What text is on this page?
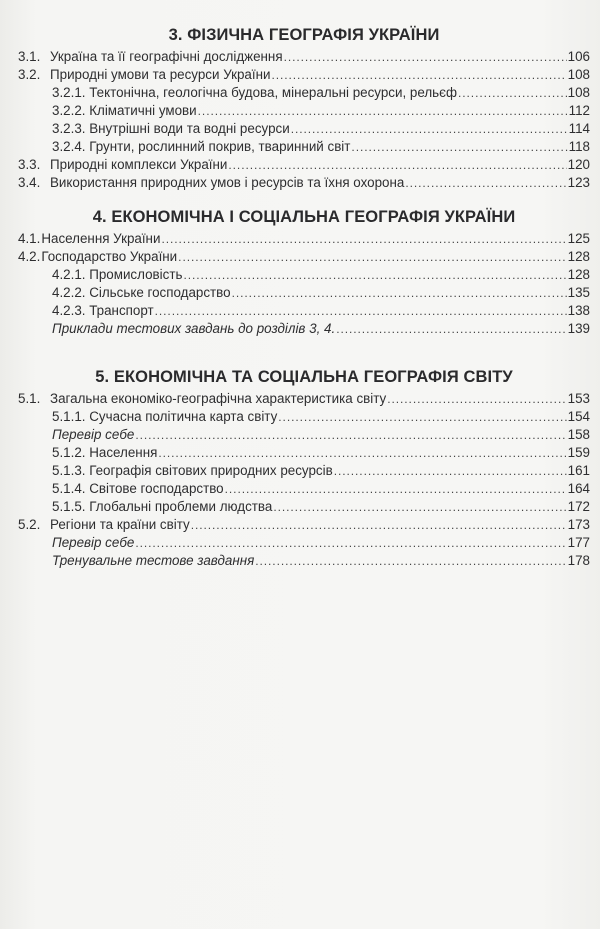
3. ФІЗИЧНА ГЕОГРАФІЯ УКРАЇНИ
3.1. Україна та її географічні дослідження . . .	106
3.2. Природні умови та ресурси України . . .	108
3.2.1. Тектонічна, геологічна будова, мінеральні ресурси, рельєф . . .	108
3.2.2. Кліматичні умови . . .	112
3.2.3. Внутрішні води та водні ресурси . . .	114
3.2.4. Грунти, рослинний покрив, тваринний світ . . .	118
3.3. Природні комплекси України . . .	120
3.4. Використання природних умов і ресурсів та їхня охорона . . .	123
4. ЕКОНОМІЧНА І СОЦІАЛЬНА ГЕОГРАФІЯ УКРАЇНИ
4.1. Населення України . . .	125
4.2. Господарство України . . .	128
4.2.1. Промисловість . . .	128
4.2.2. Сільське господарство . . .	135
4.2.3. Транспорт . . .	138
Приклади тестових завдань до розділів 3, 4. . . .	139
5. ЕКОНОМІЧНА ТА СОЦІАЛЬНА ГЕОГРАФІЯ СВІТУ
5.1. Загальна економіко-географічна характеристика світу . . .	153
5.1.1. Сучасна політична карта світу . . .	154
Перевір себе . . .	158
5.1.2. Населення . . .	159
5.1.3. Географія світових природних ресурсів . . .	161
5.1.4. Світове господарство . . .	164
5.1.5. Глобальні проблеми людства . . .	172
5.2. Регіони та країни світу . . .	173
Перевір себе . . .	177
Тренувальне тестове завдання . . .	178
